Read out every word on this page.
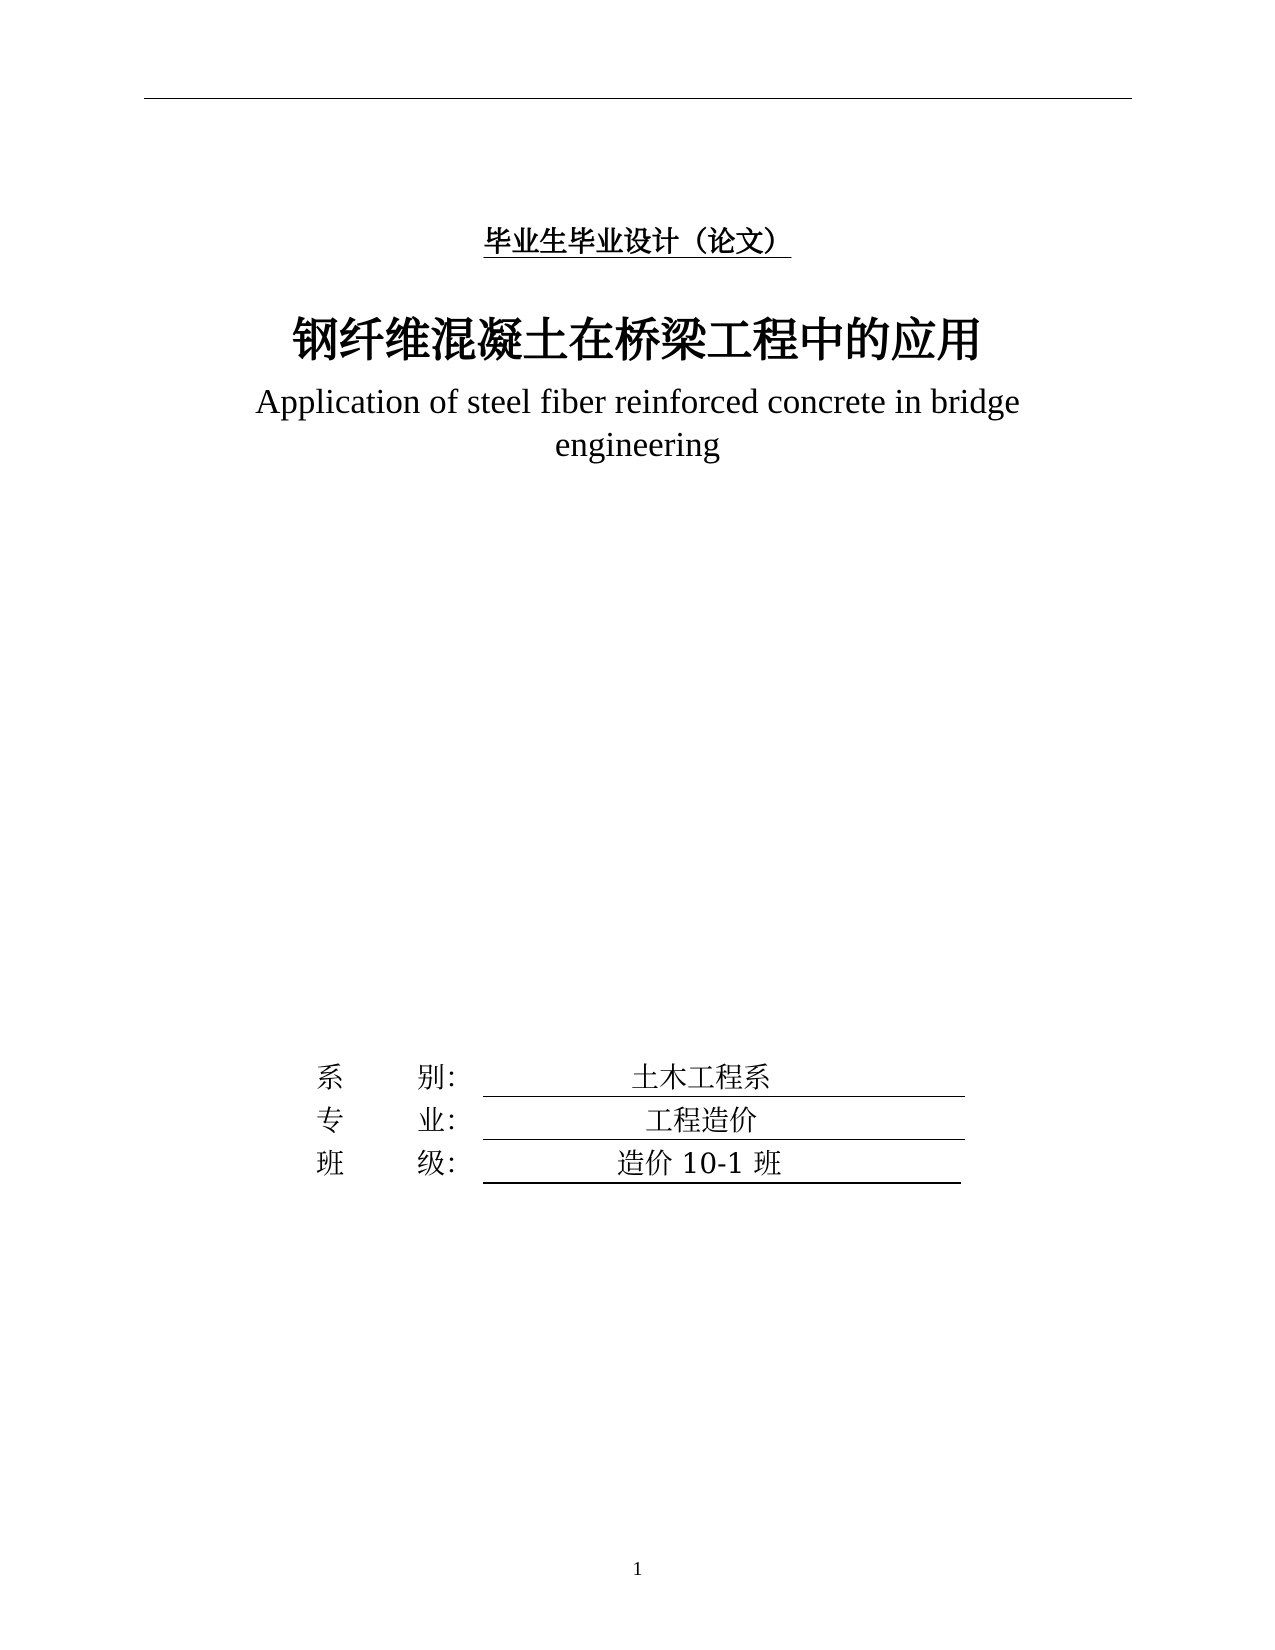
毕业生毕业设计（论文）
钢纤维混凝土在桥梁工程中的应用
Application of steel fiber reinforced concrete in bridge engineering
系	别：	土木工程系
专	业：	工程造价
班	级：	造价 10-1 班
1
